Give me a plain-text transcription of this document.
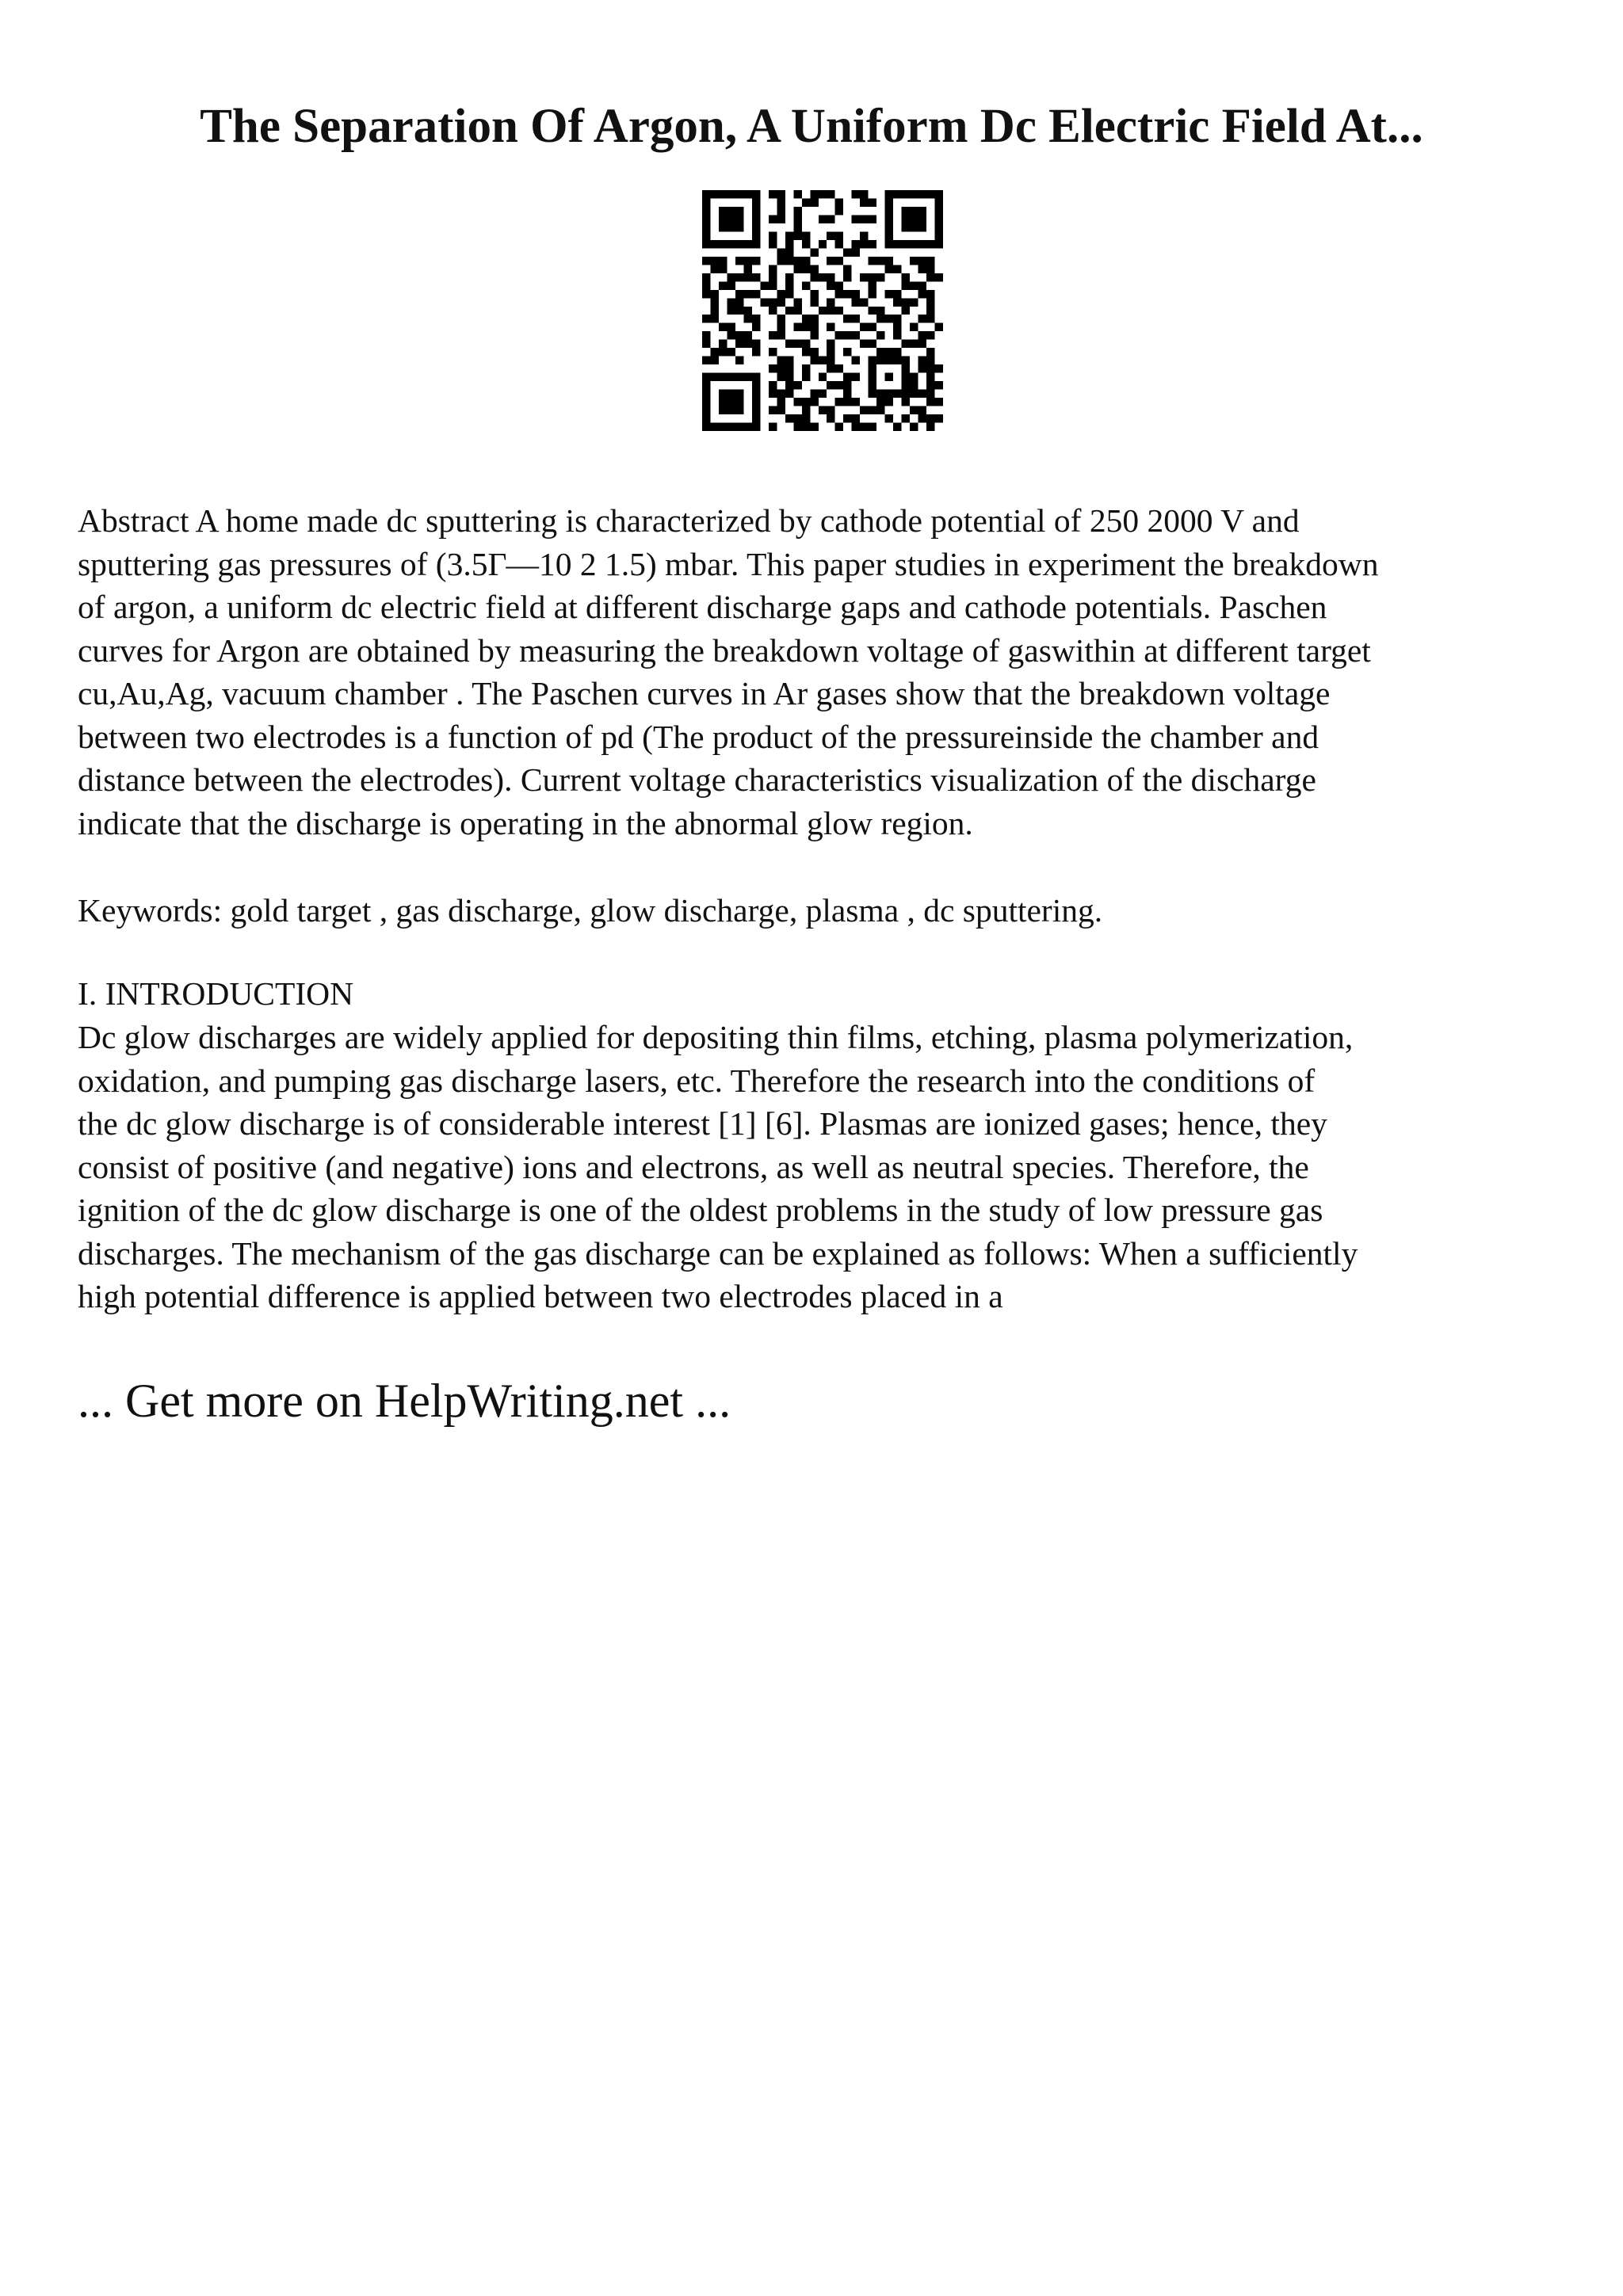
The Separation Of Argon, A Uniform Dc Electric Field At...

Abstract A home made dc sputtering is characterized by cathode potential of 250 2000 V and
sputtering gas pressures of (3.5Г—10 2 1.5) mbar. This paper studies in experiment the breakdown
of argon, a uniform dc electric field at different discharge gaps and cathode potentials. Paschen
curves for Argon are obtained by measuring the breakdown voltage of gaswithin at different target
cu,Au,Ag, vacuum chamber . The Paschen curves in Ar gases show that the breakdown voltage
between two electrodes is a function of pd (The product of the pressureinside the chamber and
distance between the electrodes). Current voltage characteristics visualization of the discharge
indicate that the discharge is operating in the abnormal glow region.

Keywords: gold target , gas discharge, glow discharge, plasma , dc sputtering.

I. INTRODUCTION

Dc glow discharges are widely applied for depositing thin films, etching, plasma polymerization,
oxidation, and pumping gas discharge lasers, etc. Therefore the research into the conditions of
the dc glow discharge is of considerable interest [1] [6]. Plasmas are ionized gases; hence, they
consist of positive (and negative) ions and electrons, as well as neutral species. Therefore, the
ignition of the dc glow discharge is one of the oldest problems in the study of low pressure gas
discharges. The mechanism of the gas discharge can be explained as follows: When a sufficiently
high potential difference is applied between two electrodes placed in a

... Get more on HelpWriting.net ...
